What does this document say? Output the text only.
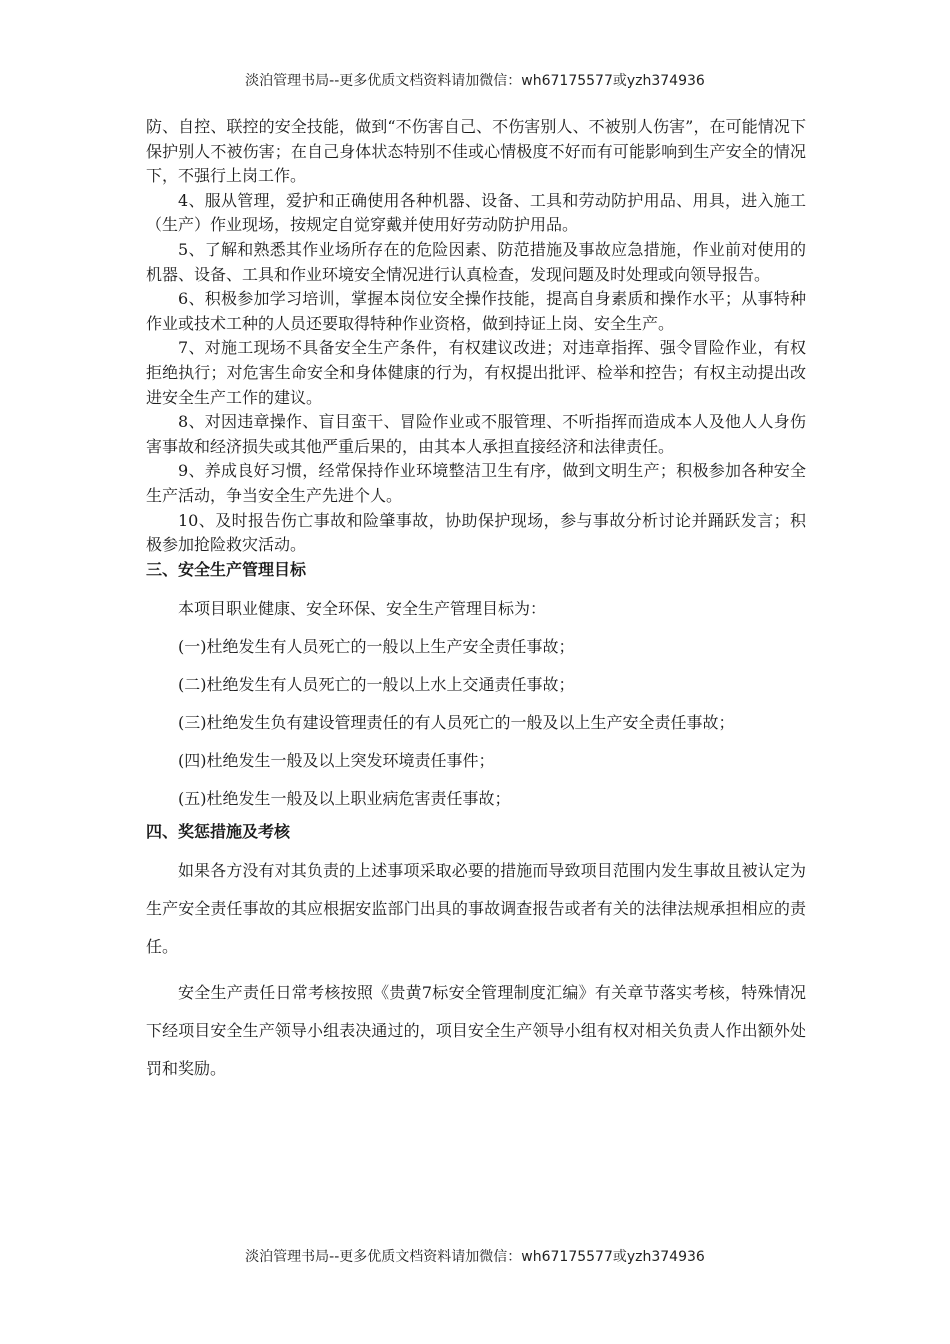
淡泊管理书局--更多优质文档资料请加微信：wh67175577或yzh374936

防、自控、联控的安全技能，做到“不伤害自己、不伤害别人、不被别人伤害”，在可能情况下保护别人不被伤害；在自己身体状态特别不佳或心情极度不好而有可能影响到生产安全的情况下，不强行上岗工作。

4、服从管理，爱护和正确使用各种机器、设备、工具和劳动防护用品、用具，进入施工（生产）作业现场，按规定自觉穿戴并使用好劳动防护用品。

5、了解和熟悉其作业场所存在的危险因素、防范措施及事故应急措施，作业前对使用的机器、设备、工具和作业环境安全情况进行认真检查，发现问题及时处理或向领导报告。

6、积极参加学习培训，掌握本岗位安全操作技能，提高自身素质和操作水平；从事特种作业或技术工种的人员还要取得特种作业资格，做到持证上岗、安全生产。

7、对施工现场不具备安全生产条件，有权建议改进；对违章指挥、强令冒险作业，有权拒绝执行；对危害生命安全和身体健康的行为，有权提出批评、检举和控告；有权主动提出改进安全生产工作的建议。

8、对因违章操作、盲目蛮干、冒险作业或不服管理、不听指挥而造成本人及他人人身伤害事故和经济损失或其他严重后果的，由其本人承担直接经济和法律责任。

9、养成良好习惯，经常保持作业环境整洁卫生有序，做到文明生产；积极参加各种安全生产活动，争当安全生产先进个人。

10、及时报告伤亡事故和险肇事故，协助保护现场，参与事故分析讨论并踊跃发言；积极参加抢险救灾活动。

三、安全生产管理目标

本项目职业健康、安全环保、安全生产管理目标为：

(一)杜绝发生有人员死亡的一般以上生产安全责任事故；

(二)杜绝发生有人员死亡的一般以上水上交通责任事故；

(三)杜绝发生负有建设管理责任的有人员死亡的一般及以上生产安全责任事故；

(四)杜绝发生一般及以上突发环境责任事件；

(五)杜绝发生一般及以上职业病危害责任事故；

四、奖惩措施及考核

如果各方没有对其负责的上述事项采取必要的措施而导致项目范围内发生事故且被认定为生产安全责任事故的其应根据安监部门出具的事故调查报告或者有关的法律法规承担相应的责任。

安全生产责任日常考核按照《贵黄7标安全管理制度汇编》有关章节落实考核，特殊情况下经项目安全生产领导小组表决通过的，项目安全生产领导小组有权对相关负责人作出额外处罚和奖励。

淡泊管理书局--更多优质文档资料请加微信：wh67175577或yzh374936
